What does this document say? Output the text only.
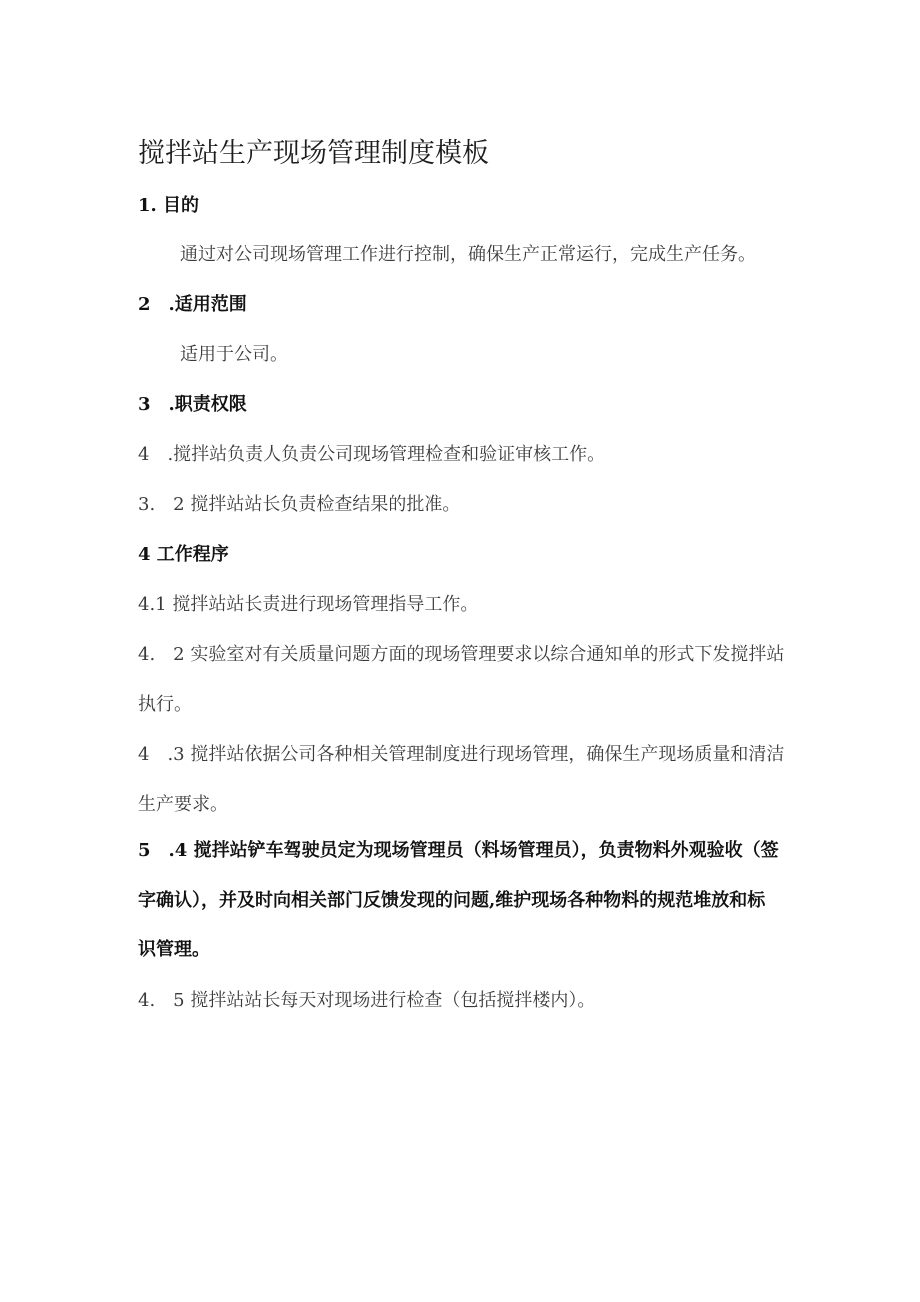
搅拌站生产现场管理制度模板
1. 目的
通过对公司现场管理工作进行控制，确保生产正常运行，完成生产任务。
2　.适用范围
适用于公司。
3　.职责权限
4　.搅拌站负责人负责公司现场管理检查和验证审核工作。
3.　2 搅拌站站长负责检查结果的批准。
4 工作程序
4.1 搅拌站站长责进行现场管理指导工作。
4.　2 实验室对有关质量问题方面的现场管理要求以综合通知单的形式下发搅拌站
执行。
4　.3 搅拌站依据公司各种相关管理制度进行现场管理，确保生产现场质量和清洁
生产要求。
5　.4 搅拌站铲车驾驶员定为现场管理员（料场管理员），负责物料外观验收（签
字确认），并及时向相关部门反馈发现的问题,维护现场各种物料的规范堆放和标
识管理。
4.　5 搅拌站站长每天对现场进行检查（包括搅拌楼内）。
